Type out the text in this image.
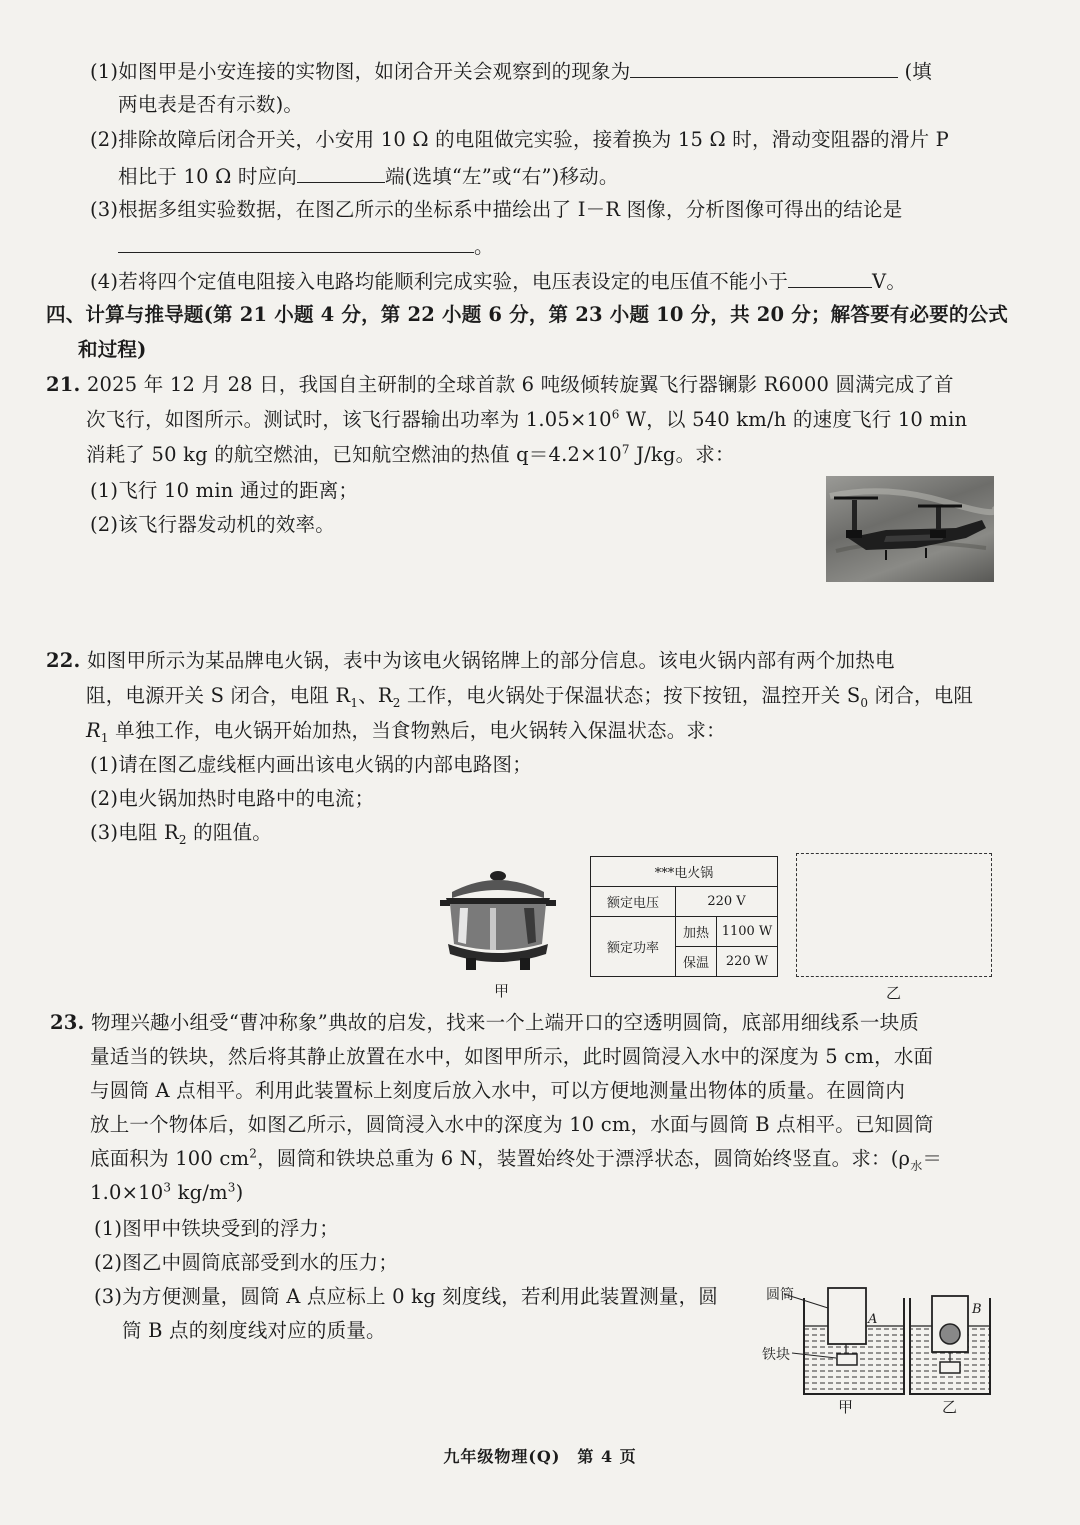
(1)如图甲是小安连接的实物图，如闭合开关会观察到的现象为	(填
两电表是否有示数)。
(2)排除故障后闭合开关，小安用 10 Ω 的电阻做完实验，接着换为 15 Ω 时，滑动变阻器的滑片 P
相比于 10 Ω 时应向	端(选填“左”或“右”)移动。
(3)根据多组实验数据，在图乙所示的坐标系中描绘出了 I－R 图像，分析图像可得出的结论是
。
(4)若将四个定值电阻接入电路均能顺利完成实验，电压表设定的电压值不能小于	V。
四、计算与推导题(第 21 小题 4 分，第 22 小题 6 分，第 23 小题 10 分，共 20 分；解答要有必要的公式
和过程)
21. 2025 年 12 月 28 日，我国自主研制的全球首款 6 吨级倾转旋翼飞行器镧影 R6000 圆满完成了首
次飞行，如图所示。测试时，该飞行器输出功率为 $1.05\times 10^6$ W，以 540 km/h 的速度飞行 10 min
消耗了 50 kg 的航空燃油，已知航空燃油的热值 $q=4.2\times 10^7$ J/kg。求：
(1)飞行 10 min 通过的距离；
(2)该飞行器发动机的效率。
22. 如图甲所示为某品牌电火锅，表中为该电火锅铭牌上的部分信息。该电火锅内部有两个加热电
阻，电源开关 S 闭合，电阻 $R_1$、$R_2$ 工作，电火锅处于保温状态；按下按钮，温控开关 $S_0$ 闭合，电阻
$R_1$ 单独工作，电火锅开始加热，当食物熟后，电火锅转入保温状态。求：
(1)请在图乙虚线框内画出该电火锅的内部电路图；
(2)电火锅加热时电路中的电流；
(3)电阻 $R_2$ 的阻值。
甲
***电火锅		
额定电压	220 V	
额定功率	加热	1100 W
	保温	220 W
乙
23. 物理兴趣小组受“曹冲称象”典故的启发，找来一个上端开口的空透明圆筒，底部用细线系一块质
量适当的铁块，然后将其静止放置在水中，如图甲所示，此时圆筒浸入水中的深度为 5 cm，水面
与圆筒 A 点相平。利用此装置标上刻度后放入水中，可以方便地测量出物体的质量。在圆筒内
放上一个物体后，如图乙所示，圆筒浸入水中的深度为 10 cm，水面与圆筒 B 点相平。已知圆筒
底面积为 100 $cm^2$，圆筒和铁块总重为 6 N，装置始终处于漂浮状态，圆筒始终竖直。求：($\rho_水=$
$1.0\times 10^3$ $kg/m^3$)
(1)图甲中铁块受到的浮力；
(2)图乙中圆筒底部受到水的压力；
(3)为方便测量，圆筒 A 点应标上 0 kg 刻度线，若利用此装置测量，圆
筒 B 点的刻度线对应的质量。
圆筒
铁块
A
B
甲	乙
九年级物理(Q)　第 4 页
